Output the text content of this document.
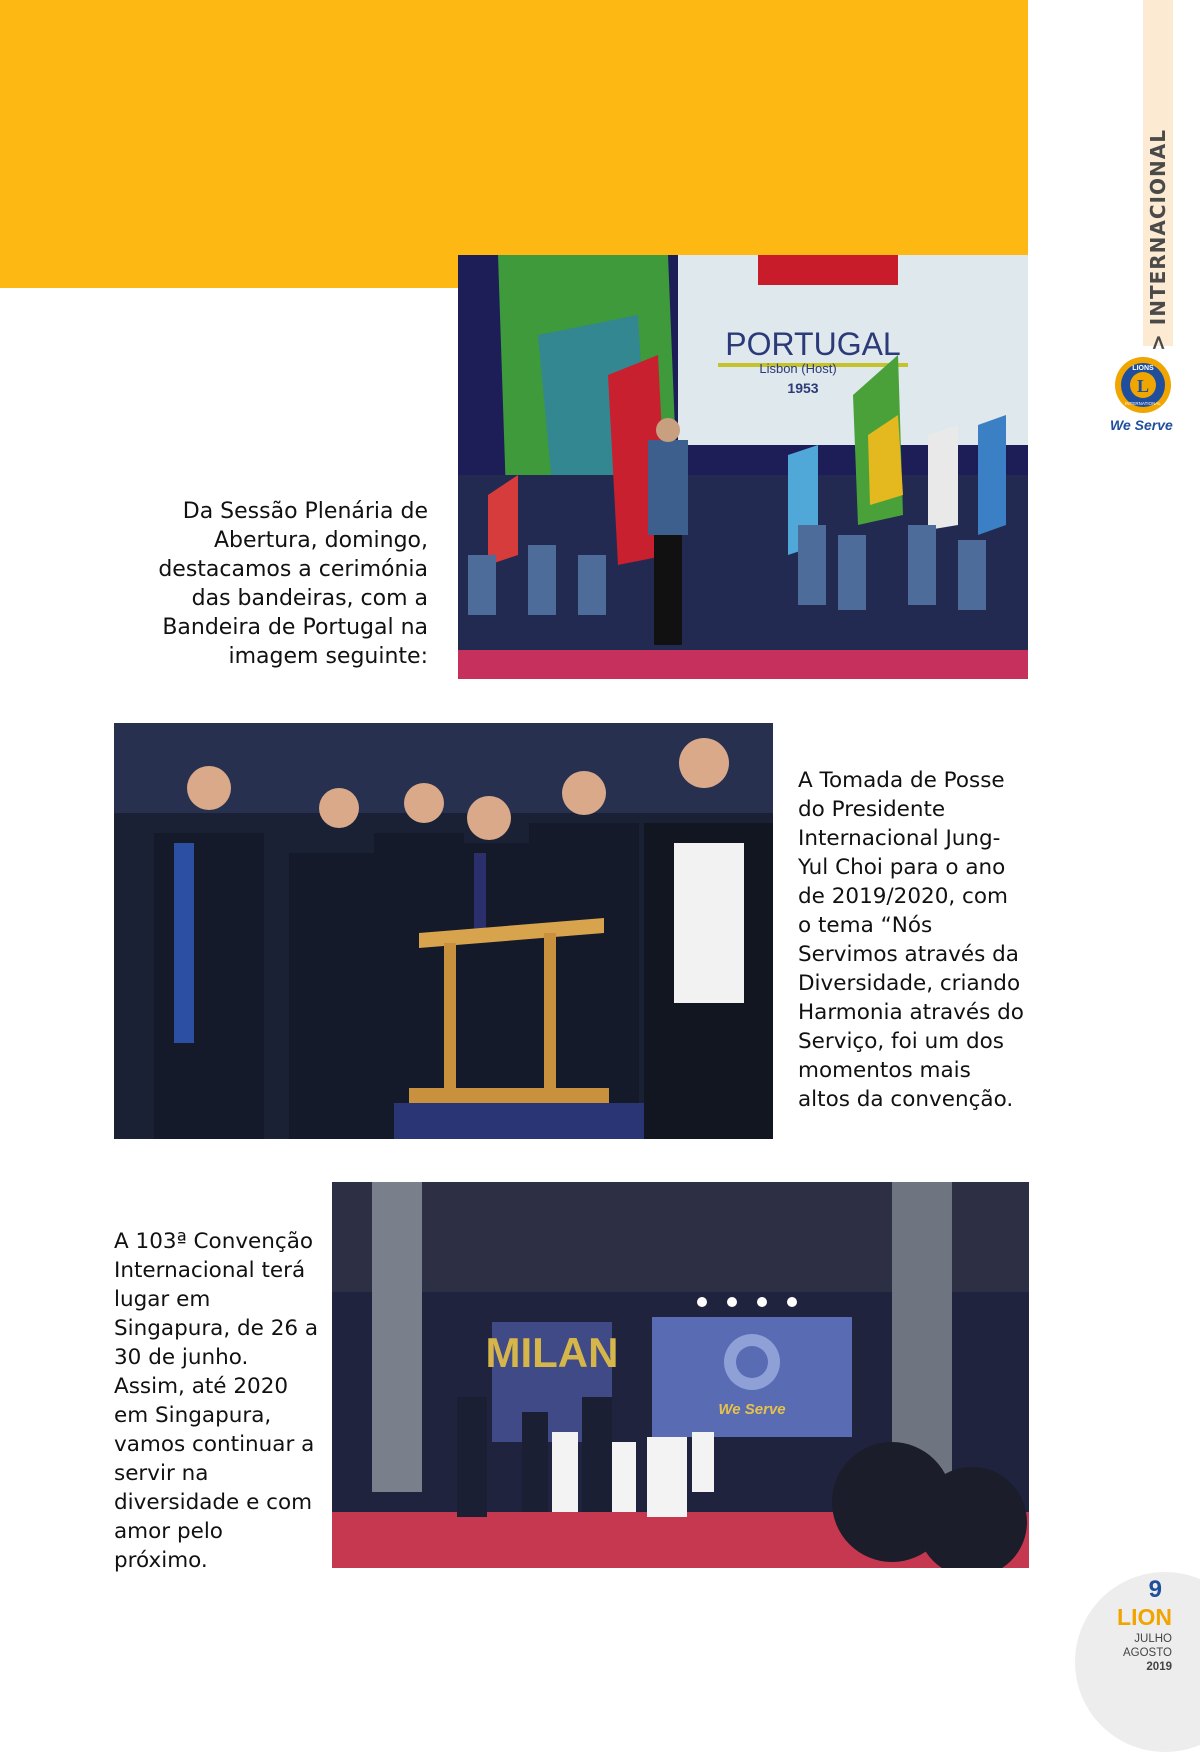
> INTERNACIONAL
L
LIONS
INTERNATIONAL
We Serve
PORTUGAL
Lisbon (Host)
1953
Da Sessão Plenária de Abertura, domingo, destacamos a cerimónia das bandeiras, com a Bandeira de Portugal na imagem seguinte:
A Tomada de Posse do Presidente Internacional Jung- Yul Choi para o ano de 2019/2020, com o tema “Nós Servimos através da Diversidade, criando Harmonia através do Serviço, foi um dos momentos mais altos da convenção.
MILAN
We Serve
A 103ª Convenção Internacional terá lugar em Singapura, de 26 a 30 de junho. Assim, até 2020 em Singapura, vamos continuar a servir na diversidade e com amor pelo próximo.
9
LION
JULHO
AGOSTO
2019
